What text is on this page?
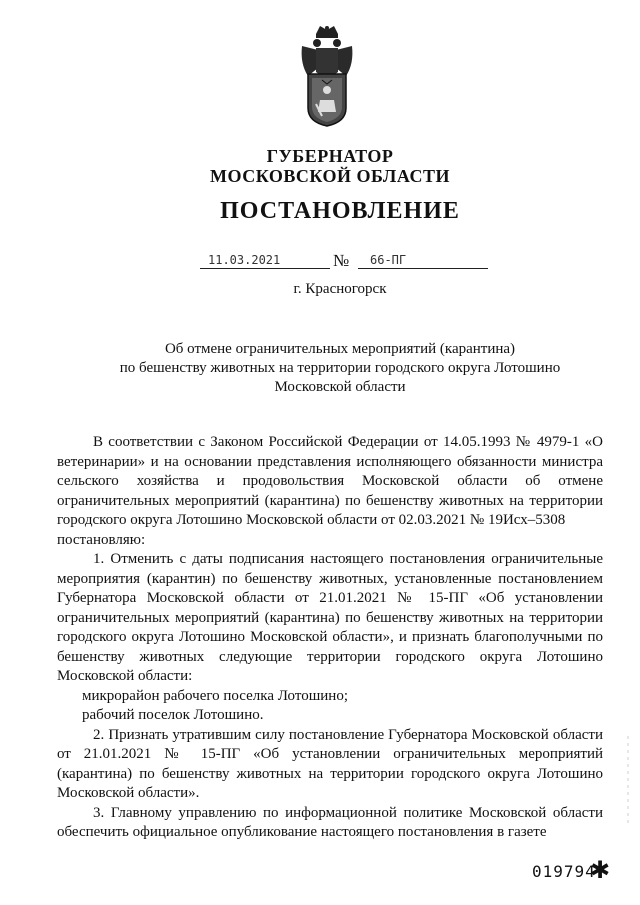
ГУБЕРНАТОР
МОСКОВСКОЙ ОБЛАСТИ
ПОСТАНОВЛЕНИЕ
11.03.2021	№ 66-ПГ
г. Красногорск
Об отмене ограничительных мероприятий (карантина)
по бешенству животных на территории городского округа Лотошино
Московской области

В соответствии с Законом Российской Федерации от 14.05.1993 № 4979-1 «О ветеринарии» и на основании представления исполняющего обязанности министра сельского хозяйства и продовольствия Московской области об отмене ограничительных мероприятий (карантина) по бешенству животных на территории городского округа Лотошино Московской области от 02.03.2021 № 19Исх–5308

постановляю:

1. Отменить с даты подписания настоящего постановления ограничительные мероприятия (карантин) по бешенству животных, установленные постановлением Губернатора Московской области от 21.01.2021 № 15-ПГ «Об установлении ограничительных мероприятий (карантина) по бешенству животных на территории городского округа Лотошино Московской области», и признать благополучными по бешенству животных следующие территории городского округа Лотошино Московской области:

микрорайон рабочего поселка Лотошино;

рабочий поселок Лотошино.

2. Признать утратившим силу постановление Губернатора Московской области от 21.01.2021 № 15-ПГ «Об установлении ограничительных мероприятий (карантина) по бешенству животных на территории городского округа Лотошино Московской области».

3. Главному управлению по информационной политике Московской области обеспечить официальное опубликование настоящего постановления в газете

019794
✱
